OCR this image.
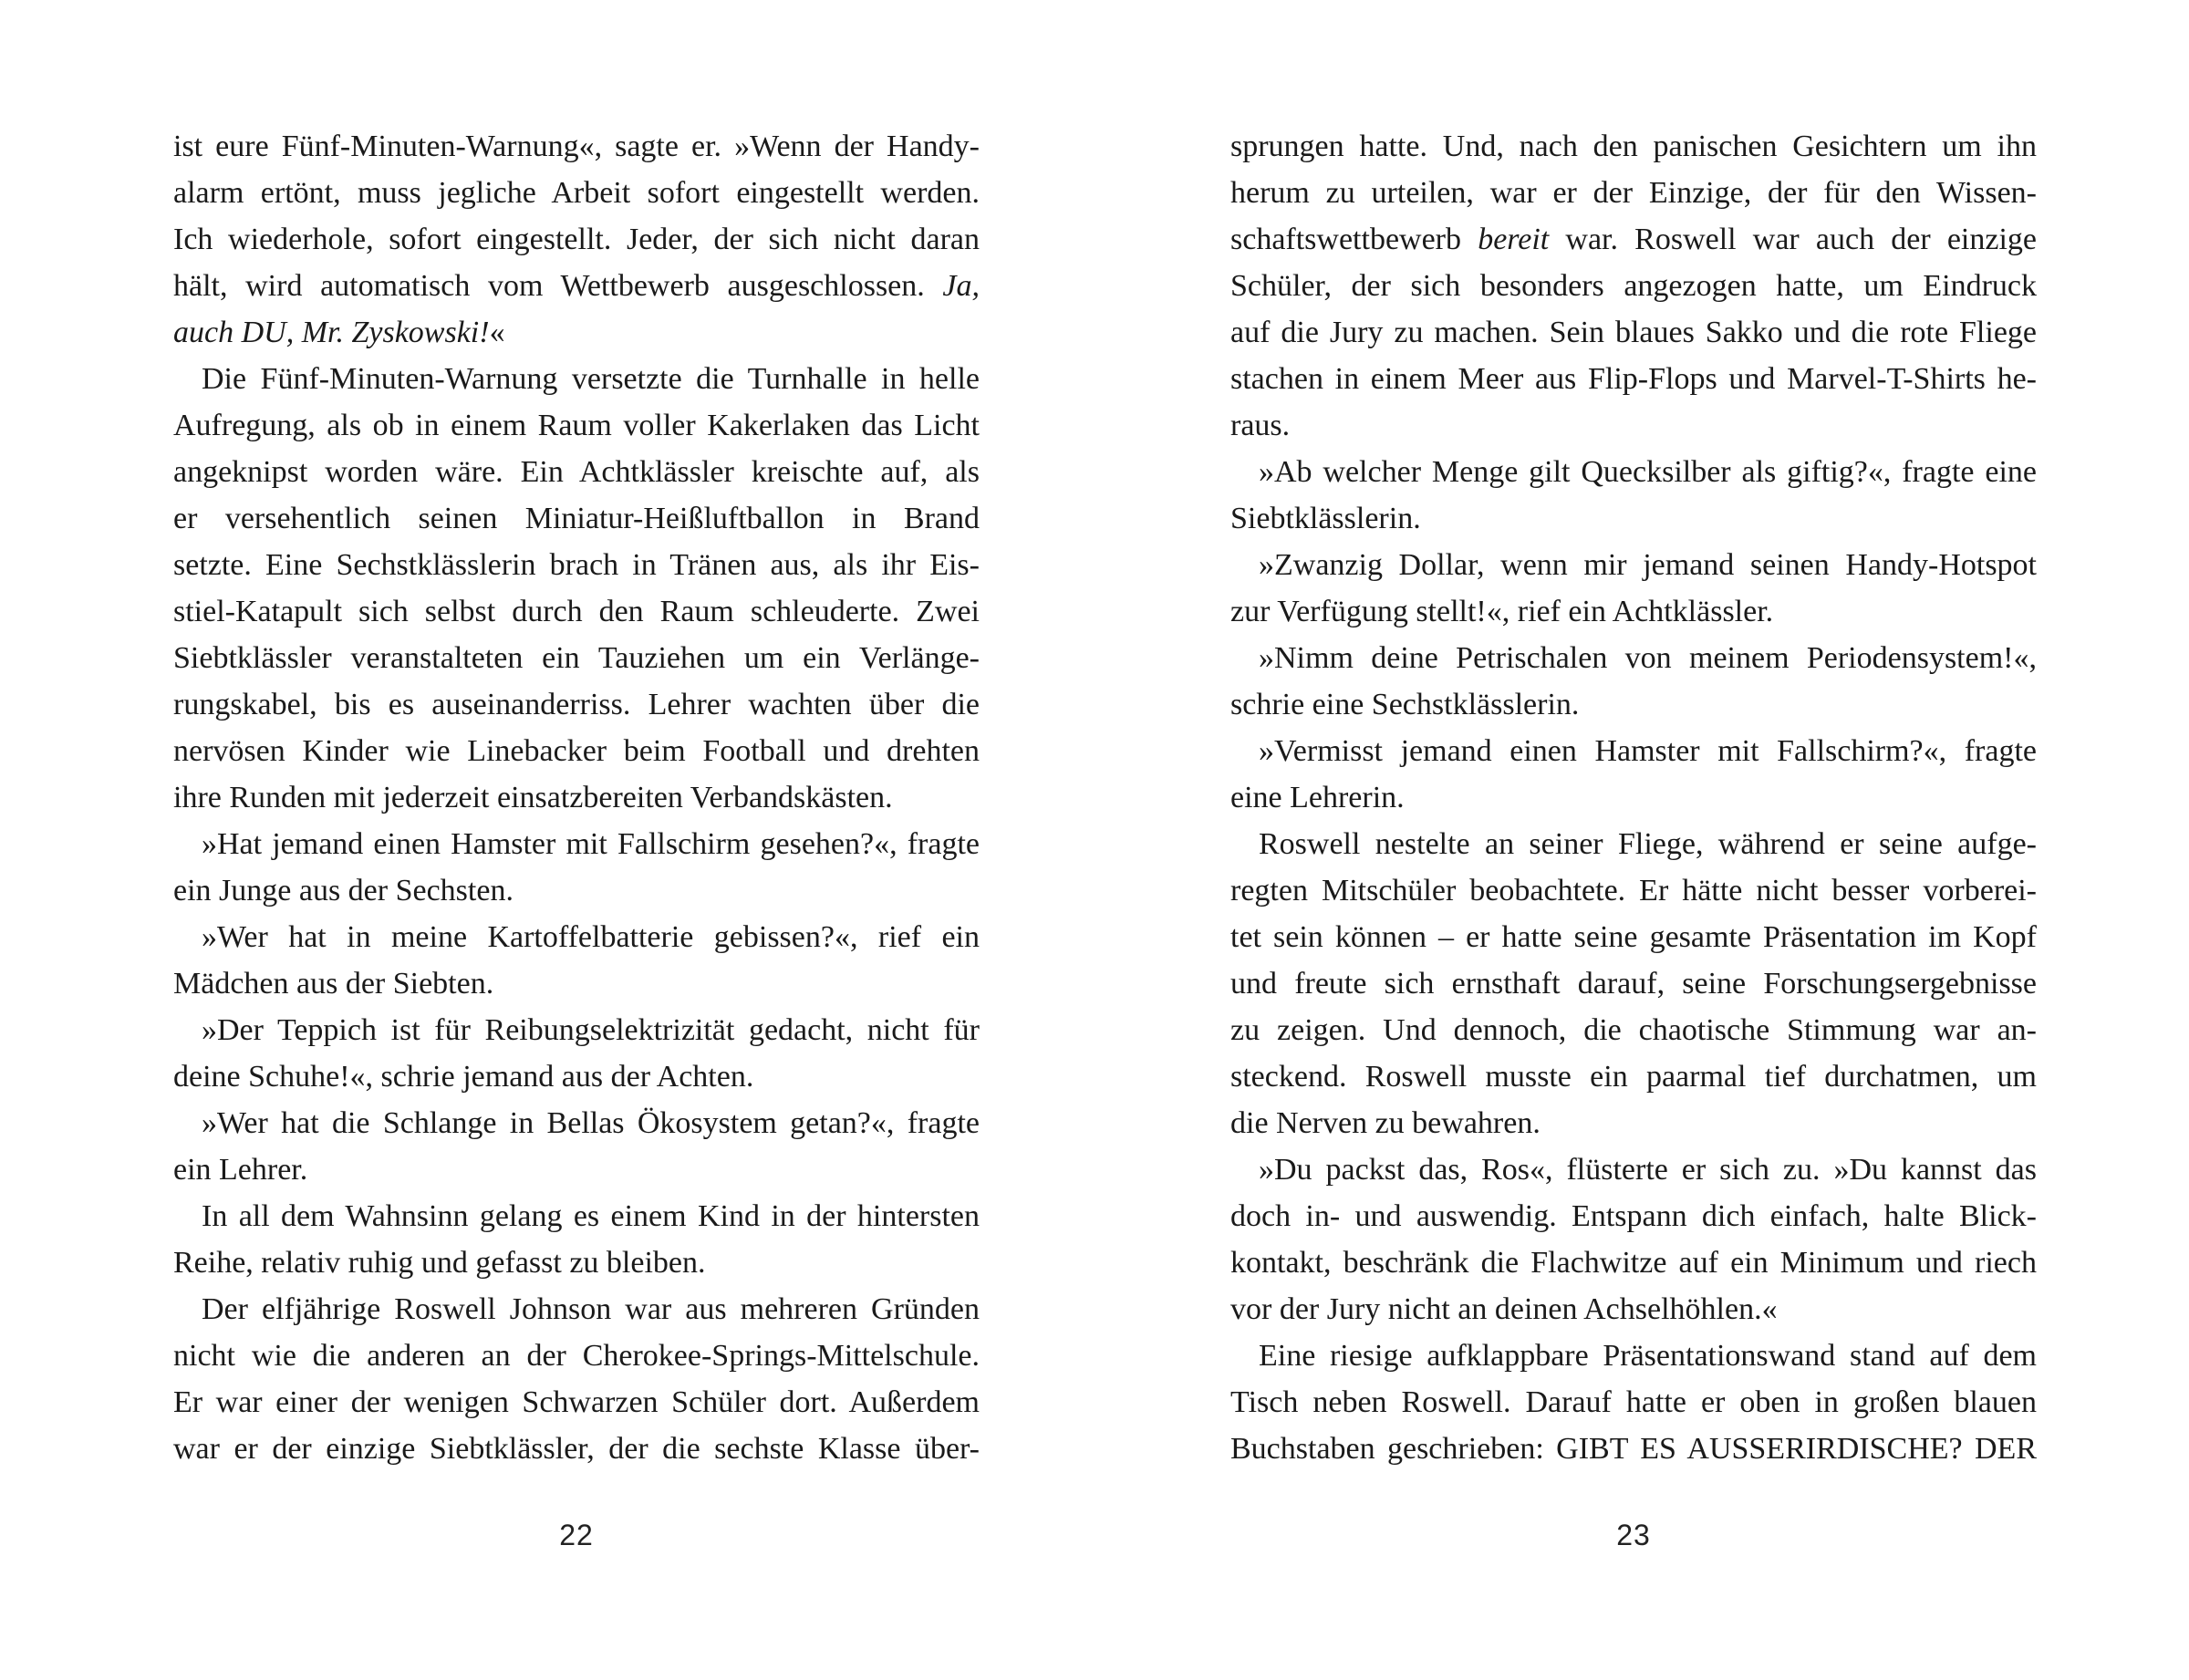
ist eure Fünf-Minuten-Warnung«, sagte er. »Wenn der Handy-
alarm ertönt, muss jegliche Arbeit sofort eingestellt werden.
Ich wiederhole, sofort eingestellt. Jeder, der sich nicht daran
hält, wird automatisch vom Wettbewerb ausgeschlossen. Ja,
auch DU, Mr. Zyskowski!«
Die Fünf-Minuten-Warnung versetzte die Turnhalle in helle
Aufregung, als ob in einem Raum voller Kakerlaken das Licht
angeknipst worden wäre. Ein Achtklässler kreischte auf, als
er versehentlich seinen Miniatur-Heißluftballon in Brand
setzte. Eine Sechstklässlerin brach in Tränen aus, als ihr Eis-
stiel-Katapult sich selbst durch den Raum schleuderte. Zwei
Siebtklässler veranstalteten ein Tauziehen um ein Verlänge-
rungskabel, bis es auseinanderriss. Lehrer wachten über die
nervösen Kinder wie Linebacker beim Football und drehten
ihre Runden mit jederzeit einsatzbereiten Verbandskästen.
»Hat jemand einen Hamster mit Fallschirm gesehen?«, fragte
ein Junge aus der Sechsten.
»Wer hat in meine Kartoffelbatterie gebissen?«, rief ein
Mädchen aus der Siebten.
»Der Teppich ist für Reibungselektrizität gedacht, nicht für
deine Schuhe!«, schrie jemand aus der Achten.
»Wer hat die Schlange in Bellas Ökosystem getan?«, fragte
ein Lehrer.
In all dem Wahnsinn gelang es einem Kind in der hintersten
Reihe, relativ ruhig und gefasst zu bleiben.
Der elfjährige Roswell Johnson war aus mehreren Gründen
nicht wie die anderen an der Cherokee-Springs-Mittelschule.
Er war einer der wenigen Schwarzen Schüler dort. Außerdem
war er der einzige Siebtklässler, der die sechste Klasse über-
22
sprungen hatte. Und, nach den panischen Gesichtern um ihn
herum zu urteilen, war er der Einzige, der für den Wissen-
schaftswettbewerb bereit war. Roswell war auch der einzige
Schüler, der sich besonders angezogen hatte, um Eindruck
auf die Jury zu machen. Sein blaues Sakko und die rote Fliege
stachen in einem Meer aus Flip-Flops und Marvel-T-Shirts he-
raus.
»Ab welcher Menge gilt Quecksilber als giftig?«, fragte eine
Siebtklässlerin.
»Zwanzig Dollar, wenn mir jemand seinen Handy-Hotspot
zur Verfügung stellt!«, rief ein Achtklässler.
»Nimm deine Petrischalen von meinem Periodensystem!«,
schrie eine Sechstklässlerin.
»Vermisst jemand einen Hamster mit Fallschirm?«, fragte
eine Lehrerin.
Roswell nestelte an seiner Fliege, während er seine aufge-
regten Mitschüler beobachtete. Er hätte nicht besser vorberei-
tet sein können – er hatte seine gesamte Präsentation im Kopf
und freute sich ernsthaft darauf, seine Forschungsergebnisse
zu zeigen. Und dennoch, die chaotische Stimmung war an-
steckend. Roswell musste ein paarmal tief durchatmen, um
die Nerven zu bewahren.
»Du packst das, Ros«, flüsterte er sich zu. »Du kannst das
doch in- und auswendig. Entspann dich einfach, halte Blick-
kontakt, beschränk die Flachwitze auf ein Minimum und riech
vor der Jury nicht an deinen Achselhöhlen.«
Eine riesige aufklappbare Präsentationswand stand auf dem
Tisch neben Roswell. Darauf hatte er oben in großen blauen
Buchstaben geschrieben: GIBT ES AUSSERIRDISCHE? DER
23
